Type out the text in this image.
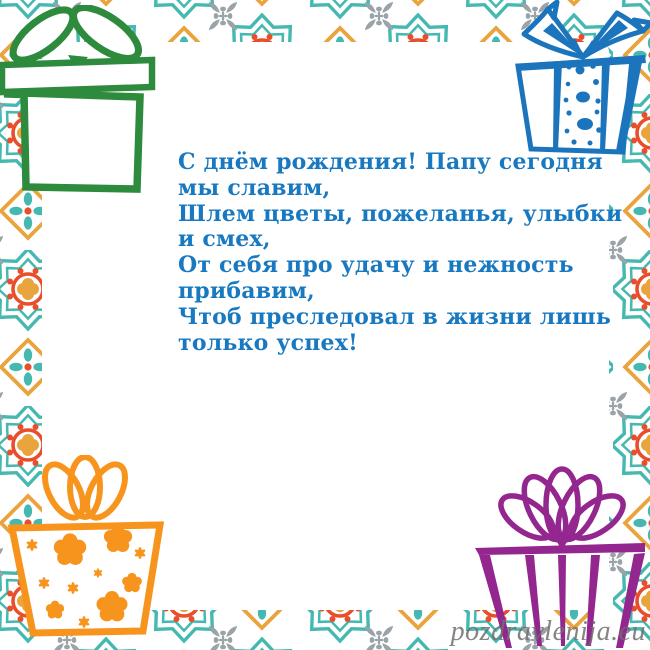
С днём рождения! Папу сегодня
мы славим,
Шлем цветы, пожеланья, улыбки
и смех,
От себя про удачу и нежность
прибавим,
Чтоб преследовал в жизни лишь
только успех!
pozdravlenija.eu
